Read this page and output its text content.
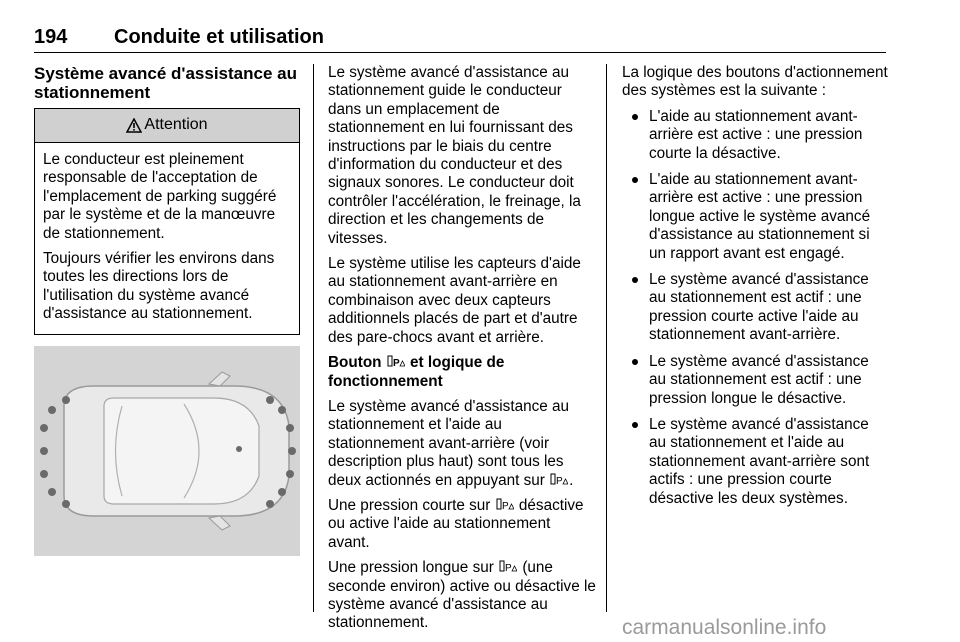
194 Conduite et utilisation
Système avancé d'assistance au stationnement
Attention

Le conducteur est pleinement responsable de l'acceptation de l'emplacement de parking suggéré par le système et de la manœuvre de stationnement.

Toujours vérifier les environs dans toutes les directions lors de l'utilisation du système avancé d'assistance au stationnement.

Le système avancé d'assistance au stationnement guide le conducteur dans un emplacement de stationnement en lui fournissant des instructions par le biais du centre d'information du conducteur et des signaux sonores. Le conducteur doit contrôler l'accélération, le freinage, la direction et les changements de vitesses.

Le système utilise les capteurs d'aide au stationnement avant-arrière en combinaison avec deux capteurs additionnels placés de part et d'autre des pare-chocs avant et arrière.

Bouton P et logique de fonctionnement

Le système avancé d'assistance au stationnement et l'aide au stationnement avant-arrière (voir description plus haut) sont tous les deux actionnés en appuyant sur P .

Une pression courte sur P désactive ou active l'aide au stationnement avant.

Une pression longue sur P (une seconde environ) active ou désactive le système avancé d'assistance au stationnement.

La logique des boutons d'actionnement des systèmes est la suivante :

L'aide au stationnement avant-arrière est active : une pression courte la désactive.
L'aide au stationnement avant-arrière est active : une pression longue active le système avancé d'assistance au stationnement si un rapport avant est engagé.
Le système avancé d'assistance au stationnement est actif : une pression courte active l'aide au stationnement avant-arrière.
Le système avancé d'assistance au stationnement est actif : une pression longue le désactive.
Le système avancé d'assistance au stationnement et l'aide au stationnement avant-arrière sont actifs : une pression courte désactive les deux systèmes.
carmanualsonline.info
